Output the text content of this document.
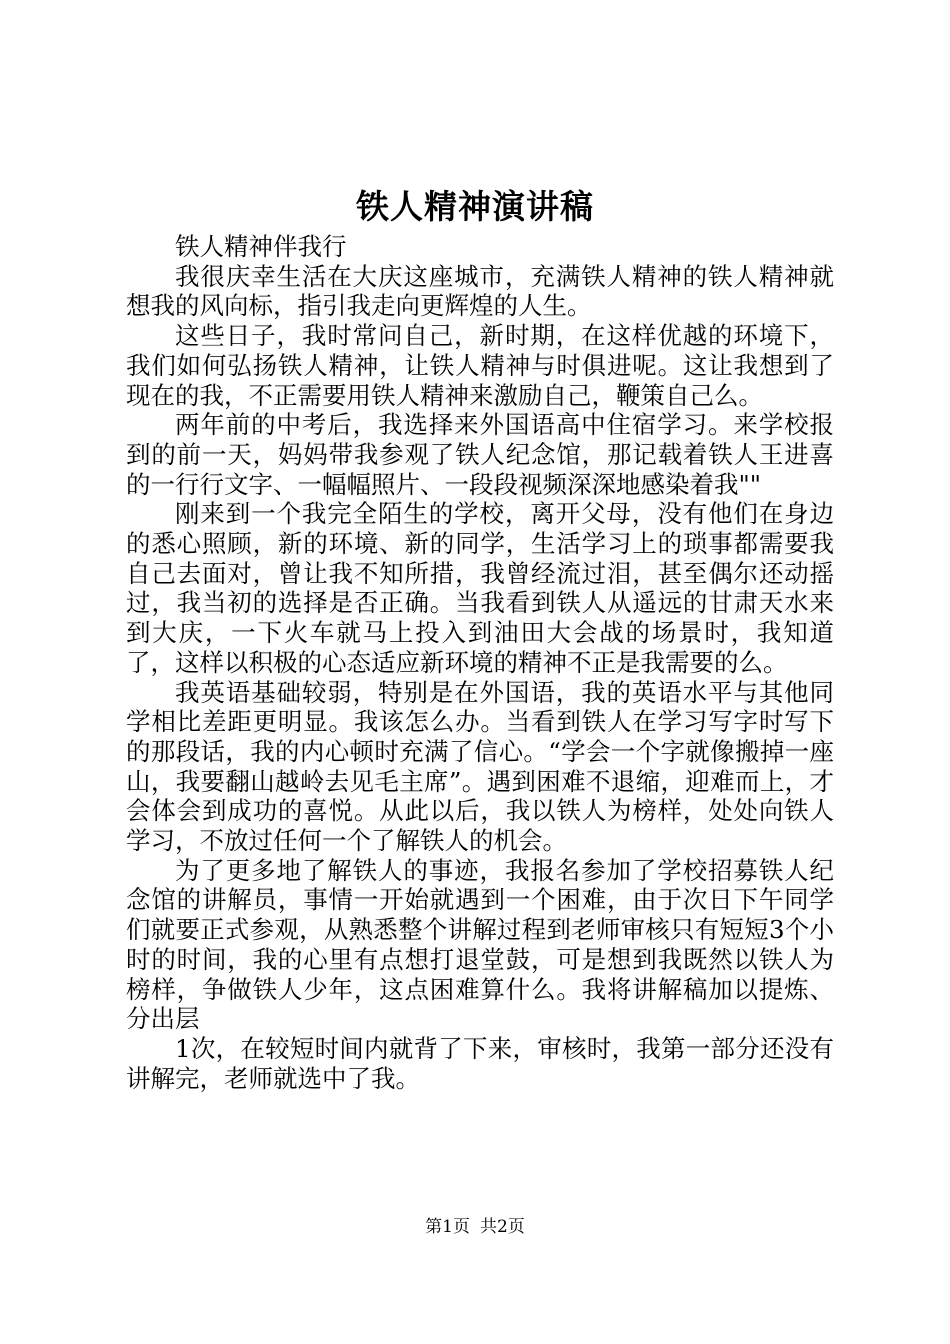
铁人精神演讲稿

铁人精神伴我行

我很庆幸生活在大庆这座城市，充满铁人精神的铁人精神就想我的风向标，指引我走向更辉煌的人生。

这些日子，我时常问自己，新时期，在这样优越的环境下，我们如何弘扬铁人精神，让铁人精神与时俱进呢。这让我想到了现在的我，不正需要用铁人精神来激励自己，鞭策自己么。

两年前的中考后，我选择来外国语高中住宿学习。来学校报到的前一天，妈妈带我参观了铁人纪念馆，那记载着铁人王进喜的一行行文字、一幅幅照片、一段段视频深深地感染着我""

刚来到一个我完全陌生的学校，离开父母，没有他们在身边的悉心照顾，新的环境、新的同学，生活学习上的琐事都需要我自己去面对，曾让我不知所措，我曾经流过泪，甚至偶尔还动摇过，我当初的选择是否正确。当我看到铁人从遥远的甘肃天水来到大庆，一下火车就马上投入到油田大会战的场景时，我知道了，这样以积极的心态适应新环境的精神不正是我需要的么。

我英语基础较弱，特别是在外国语，我的英语水平与其他同学相比差距更明显。我该怎么办。当看到铁人在学习写字时写下的那段话，我的内心顿时充满了信心。“学会一个字就像搬掉一座山，我要翻山越岭去见毛主席”。遇到困难不退缩，迎难而上，才会体会到成功的喜悦。从此以后，我以铁人为榜样，处处向铁人学习，不放过任何一个了解铁人的机会。

为了更多地了解铁人的事迹，我报名参加了学校招募铁人纪念馆的讲解员，事情一开始就遇到一个困难，由于次日下午同学们就要正式参观，从熟悉整个讲解过程到老师审核只有短短3个小时的时间，我的心里有点想打退堂鼓，可是想到我既然以铁人为榜样，争做铁人少年，这点困难算什么。我将讲解稿加以提炼、分出层

1次，在较短时间内就背了下来，审核时，我第一部分还没有讲解完，老师就选中了我。

第1页 共2页
